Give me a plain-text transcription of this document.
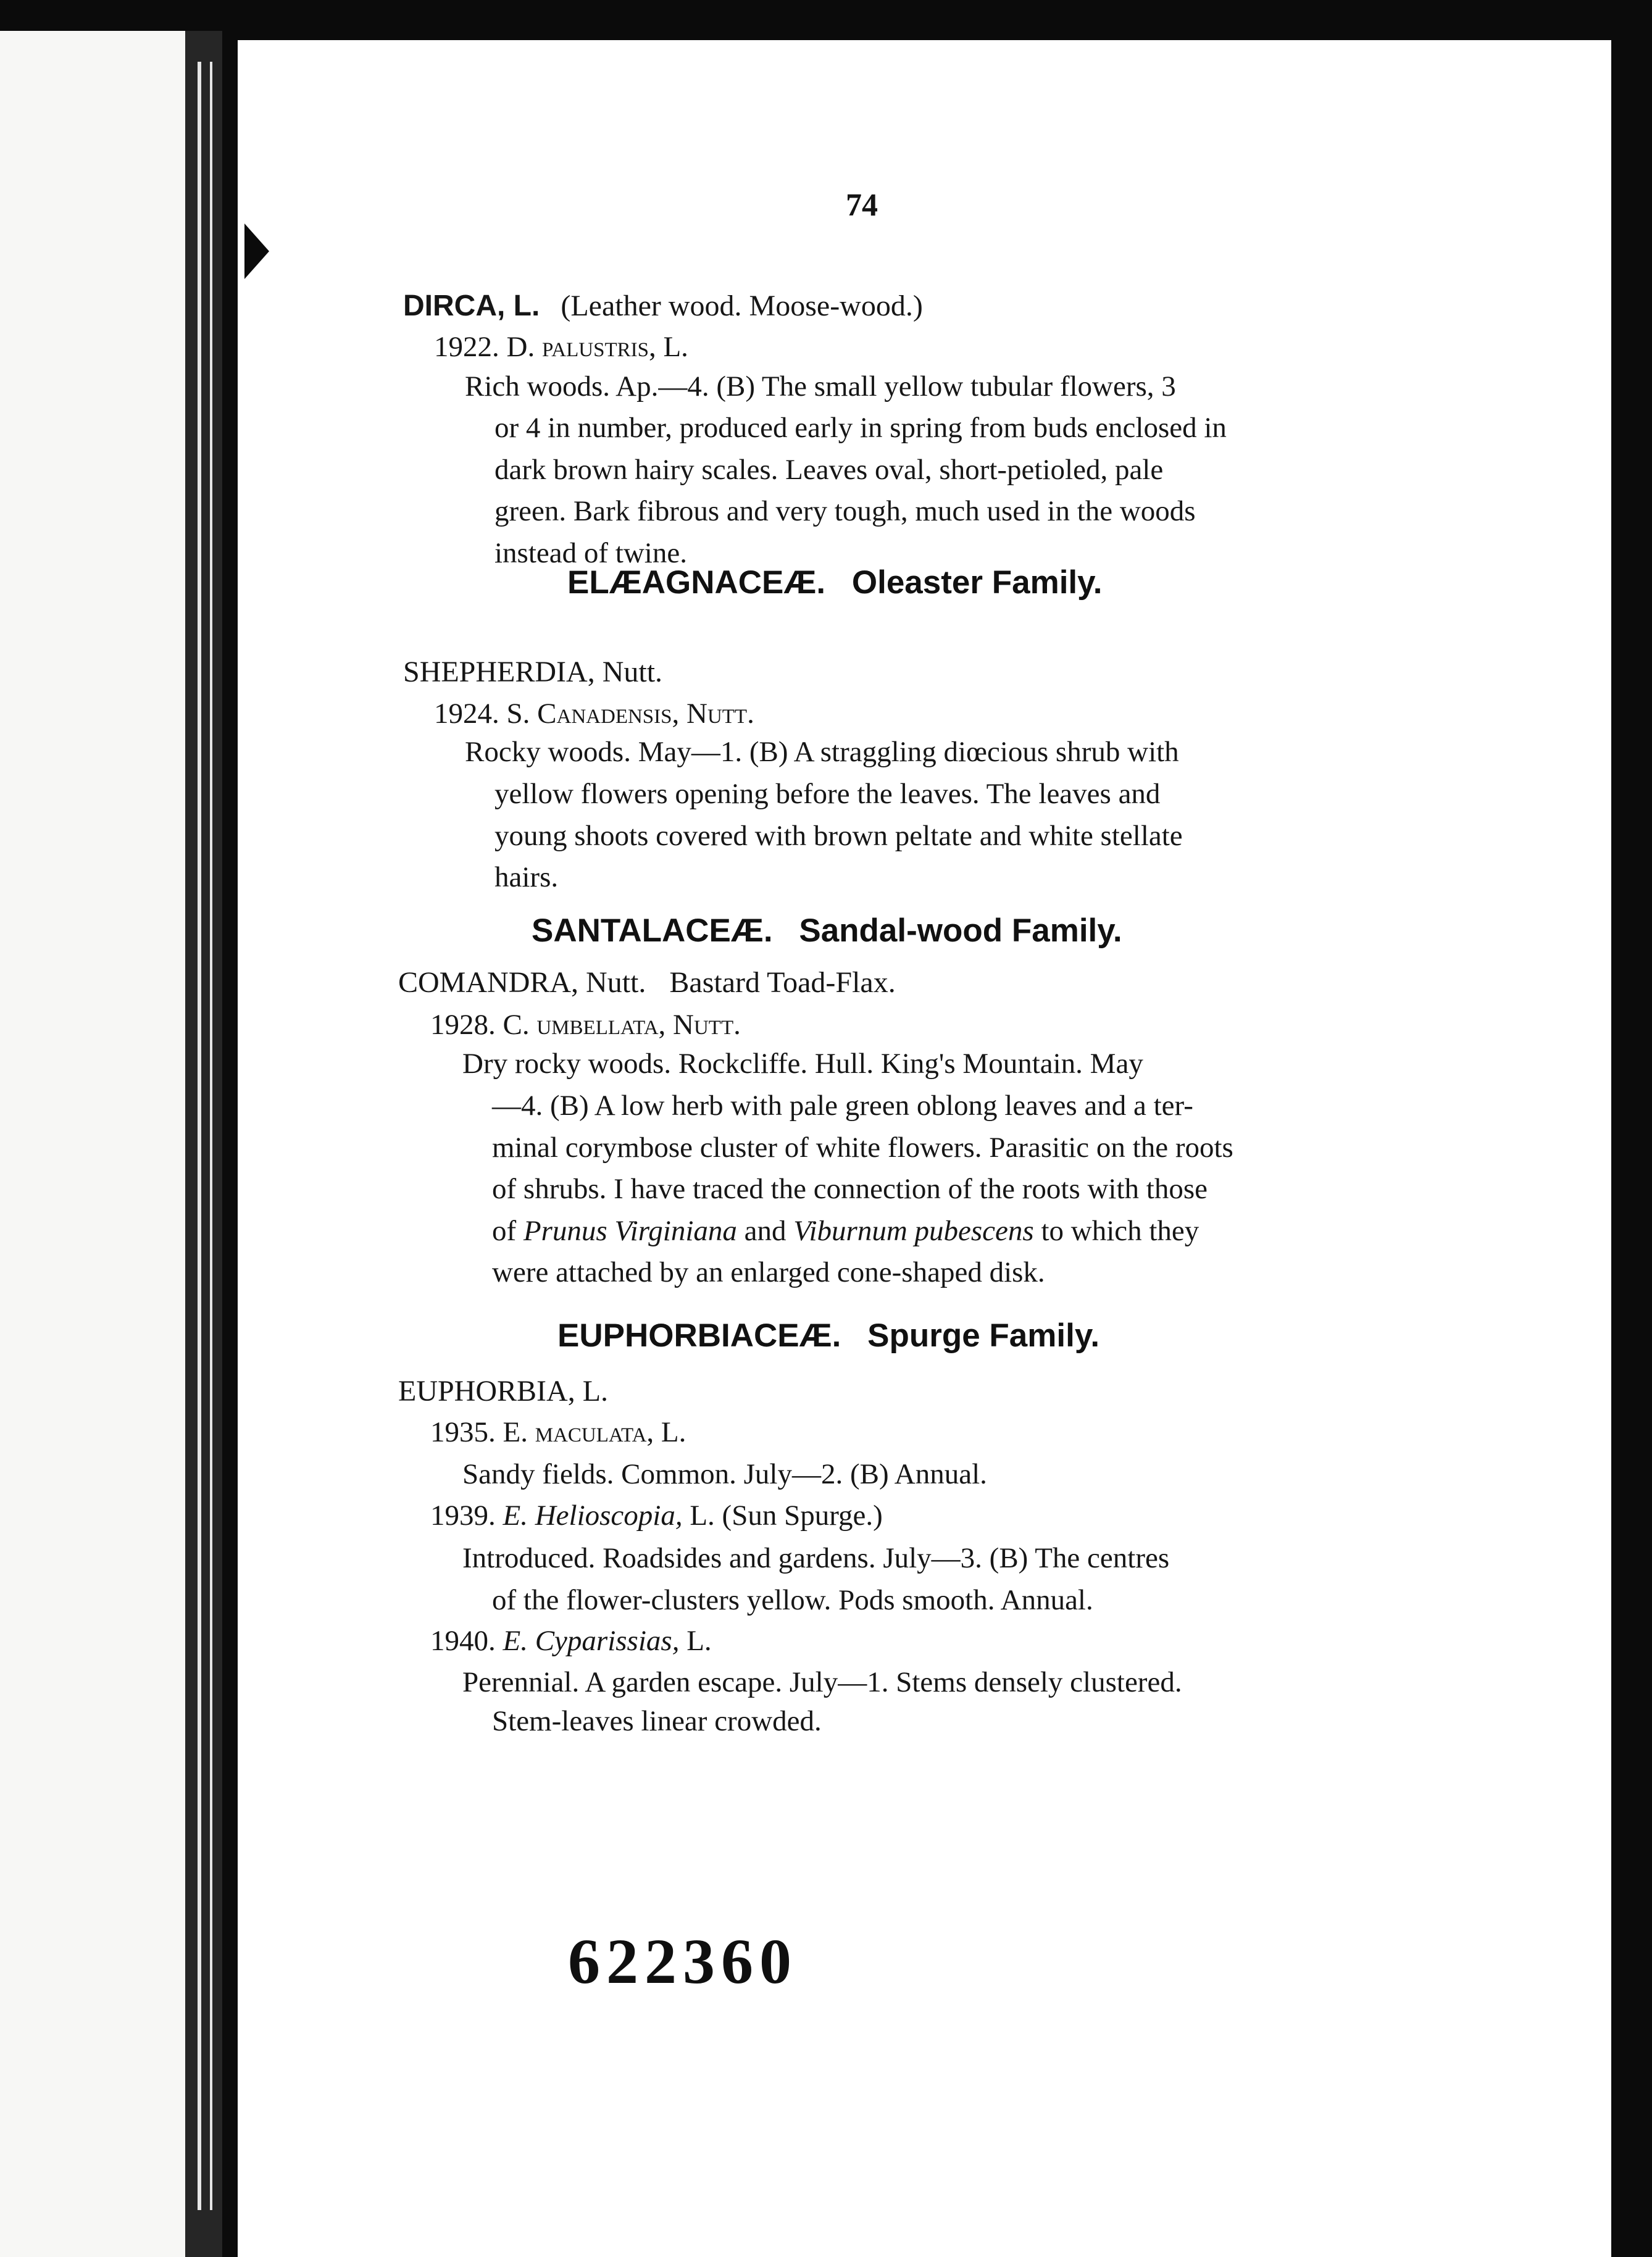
74
DIRCA, L. (Leather wood. Moose-wood.)
1922. D. palustris, L.
Rich woods. Ap.—4. (B) The small yellow tubular flowers, 3
or 4 in number, produced early in spring from buds enclosed in
dark brown hairy scales. Leaves oval, short-petioled, pale
green. Bark fibrous and very tough, much used in the woods
instead of twine.
ELÆAGNACEÆ. Oleaster Family.
SHEPHERDIA, Nutt.
1924. S. Canadensis, Nutt.
Rocky woods. May—1. (B) A straggling diœcious shrub with
yellow flowers opening before the leaves. The leaves and
young shoots covered with brown peltate and white stellate
hairs.
SANTALACEÆ. Sandal-wood Family.
COMANDRA, Nutt. Bastard Toad-Flax.
1928. C. umbellata, Nutt.
Dry rocky woods. Rockcliffe. Hull. King's Mountain. May
—4. (B) A low herb with pale green oblong leaves and a ter-
minal corymbose cluster of white flowers. Parasitic on the roots
of shrubs. I have traced the connection of the roots with those
of Prunus Virginiana and Viburnum pubescens to which they
were attached by an enlarged cone-shaped disk.
EUPHORBIACEÆ. Spurge Family.
EUPHORBIA, L.
1935. E. maculata, L.
Sandy fields. Common. July—2. (B) Annual.
1939. E. Helioscopia, L. (Sun Spurge.)
Introduced. Roadsides and gardens. July—3. (B) The centres
of the flower-clusters yellow. Pods smooth. Annual.
1940. E. Cyparissias, L.
Perennial. A garden escape. July—1. Stems densely clustered.
Stem-leaves linear crowded.
622360
